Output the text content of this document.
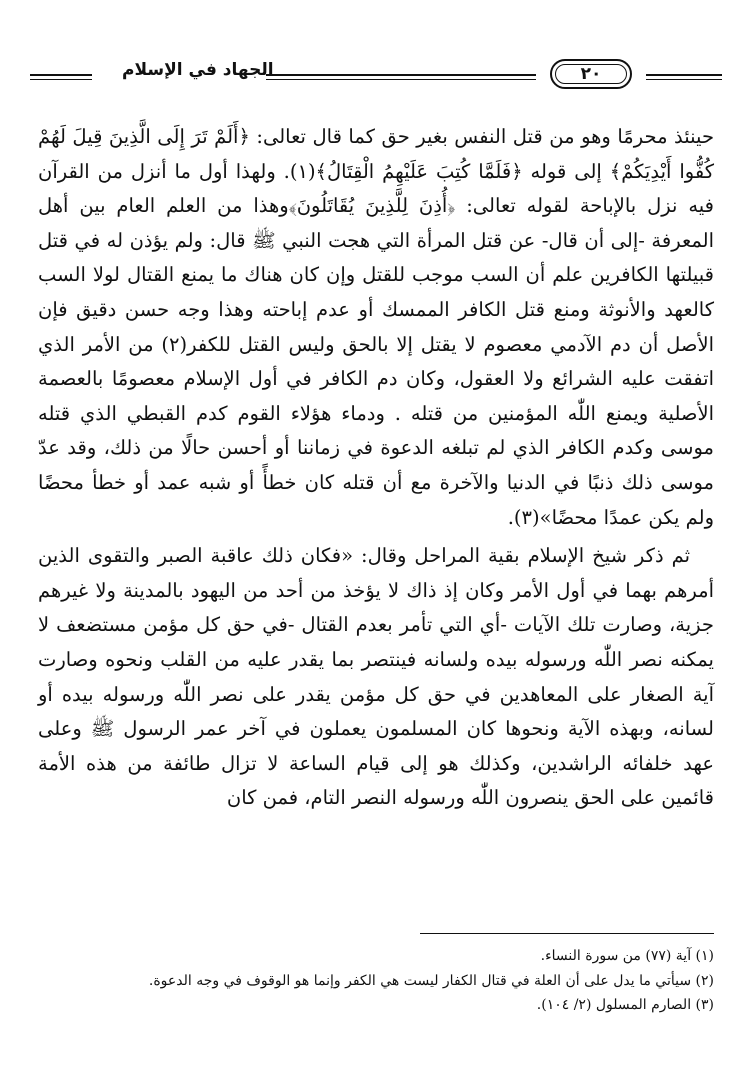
الجهاد في الإسلام	٢٠

حينئذ محرمًا وهو من قتل النفس بغير حق كما قال تعالى: ﴿أَلَمْ تَرَ إِلَى الَّذِينَ قِيلَ لَهُمْ كُفُّوا أَيْدِيَكُمْ﴾ إلى قوله ﴿فَلَمَّا كُتِبَ عَلَيْهِمُ الْقِتَالُ﴾(١). ولهذا أول ما أنزل من القرآن فيه نزل بالإباحة لقوله تعالى: ﴿أُذِنَ لِلَّذِينَ يُقَاتَلُونَ﴾وهذا من العلم العام بين أهل المعرفة -إلى أن قال- عن قتل المرأة التي هجت النبي ﷺ قال: ولم يؤذن له في قتل قبيلتها الكافرين علم أن السب موجب للقتل وإن كان هناك ما يمنع القتال لولا السب كالعهد والأنوثة ومنع قتل الكافر الممسك أو عدم إباحته وهذا وجه حسن دقيق فإن الأصل أن دم الآدمي معصوم لا يقتل إلا بالحق وليس القتل للكفر(٢) من الأمر الذي اتفقت عليه الشرائع ولا العقول، وكان دم الكافر في أول الإسلام معصومًا بالعصمة الأصلية ويمنع اللّٰه المؤمنين من قتله . ودماء هؤلاء القوم كدم القبطي الذي قتله موسى وكدم الكافر الذي لم تبلغه الدعوة في زماننا أو أحسن حالًا من ذلك، وقد عدّ موسى ذلك ذنبًا في الدنيا والآخرة مع أن قتله كان خطأً أو شبه عمد أو خطأ محضًا ولم يكن عمدًا محضًا»(٣).

ثم ذكر شيخ الإسلام بقية المراحل وقال: «فكان ذلك عاقبة الصبر والتقوى الذين أمرهم بهما في أول الأمر وكان إذ ذاك لا يؤخذ من أحد من اليهود بالمدينة ولا غيرهم جزية، وصارت تلك الآيات -أي التي تأمر بعدم القتال -في حق كل مؤمن مستضعف لا يمكنه نصر اللّٰه ورسوله بيده ولسانه فينتصر بما يقدر عليه من القلب ونحوه وصارت آية الصغار على المعاهدين في حق كل مؤمن يقدر على نصر اللّٰه ورسوله بيده أو لسانه، وبهذه الآية ونحوها كان المسلمون يعملون في آخر عمر الرسول ﷺ وعلى عهد خلفائه الراشدين، وكذلك هو إلى قيام الساعة لا تزال طائفة من هذه الأمة قائمين على الحق ينصرون اللّٰه ورسوله النصر التام، فمن كان

(١) آية (٧٧) من سورة النساء.
(٢) سيأتي ما يدل على أن العلة في قتال الكفار ليست هي الكفر وإنما هو الوقوف في وجه الدعوة.
(٣) الصارم المسلول (٢/ ١٠٤).
